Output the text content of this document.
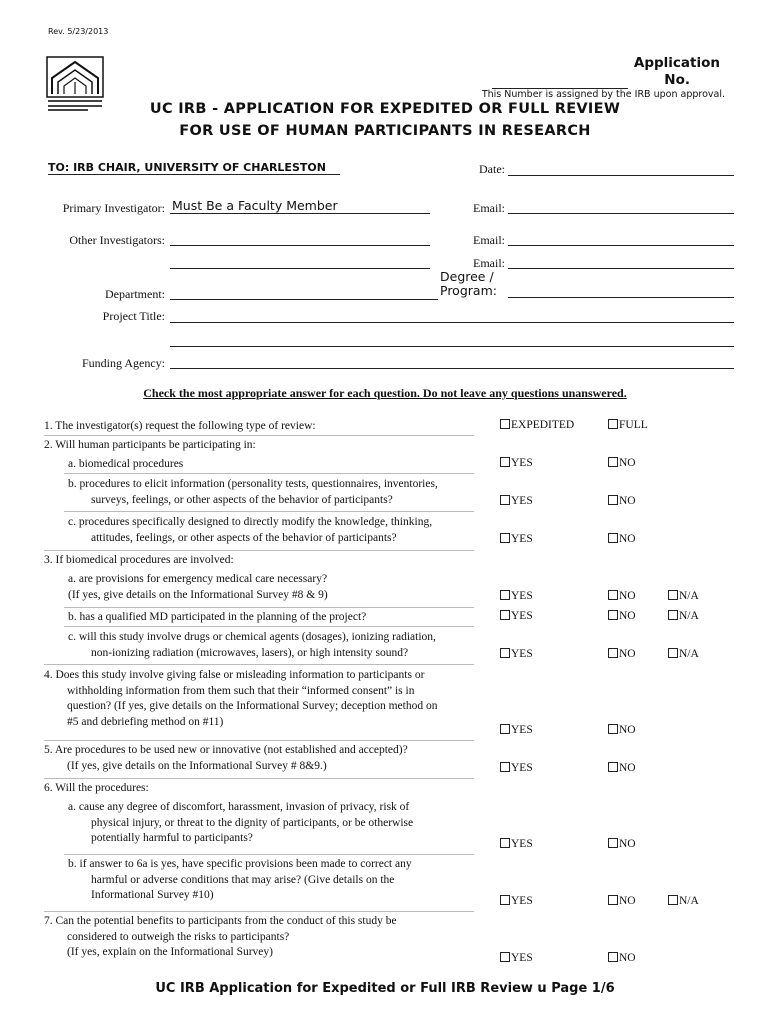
Rev. 5/23/2013
Application
No.
This Number is assigned by the IRB upon approval.
UC IRB - APPLICATION FOR EXPEDITED OR FULL REVIEW
FOR USE OF HUMAN PARTICIPANTS IN RESEARCH
TO: IRB CHAIR, UNIVERSITY OF CHARLESTON	Date:
Primary Investigator: Must Be a Faculty Member	Email:
Other Investigators:	Email:
Email:
Degree /
Program:
Department:
Project Title:
Funding Agency:
Check the most appropriate answer for each question. Do not leave any questions unanswered.
1. The investigator(s) request the following type of review:	EXPEDITED	FULL
2. Will human participants be participating in:
a. biomedical procedures	YES	NO
b. procedures to elicit information (personality tests, questionnaires, inventories,
surveys, feelings, or other aspects of the behavior of participants?	YES	NO
c. procedures specifically designed to directly modify the knowledge, thinking,
attitudes, feelings, or other aspects of the behavior of participants?	YES	NO
3. If biomedical procedures are involved:
a. are provisions for emergency medical care necessary?
(If yes, give details on the Informational Survey #8 & 9)	YES	NO	N/A
b. has a qualified MD participated in the planning of the project?	YES	NO	N/A
c. will this study involve drugs or chemical agents (dosages), ionizing radiation,
non-ionizing radiation (microwaves, lasers), or high intensity sound?	YES	NO	N/A
4. Does this study involve giving false or misleading information to participants or
withholding information from them such that their “informed consent” is in
question? (If yes, give details on the Informational Survey; deception method on
#5 and debriefing method on #11)
YES	NO
5. Are procedures to be used new or innovative (not established and accepted)?
(If yes, give details on the Informational Survey # 8&9.)	YES	NO
6. Will the procedures:
a. cause any degree of discomfort, harassment, invasion of privacy, risk of
physical injury, or threat to the dignity of participants, or be otherwise
potentially harmful to participants?	YES	NO
b. if answer to 6a is yes, have specific provisions been made to correct any
harmful or adverse conditions that may arise? (Give details on the
Informational Survey #10)	YES	NO	N/A
7. Can the potential benefits to participants from the conduct of this study be
considered to outweigh the risks to participants?
(If yes, explain on the Informational Survey)	YES	NO
UC IRB Application for Expedited or Full IRB Review u Page 1/6
